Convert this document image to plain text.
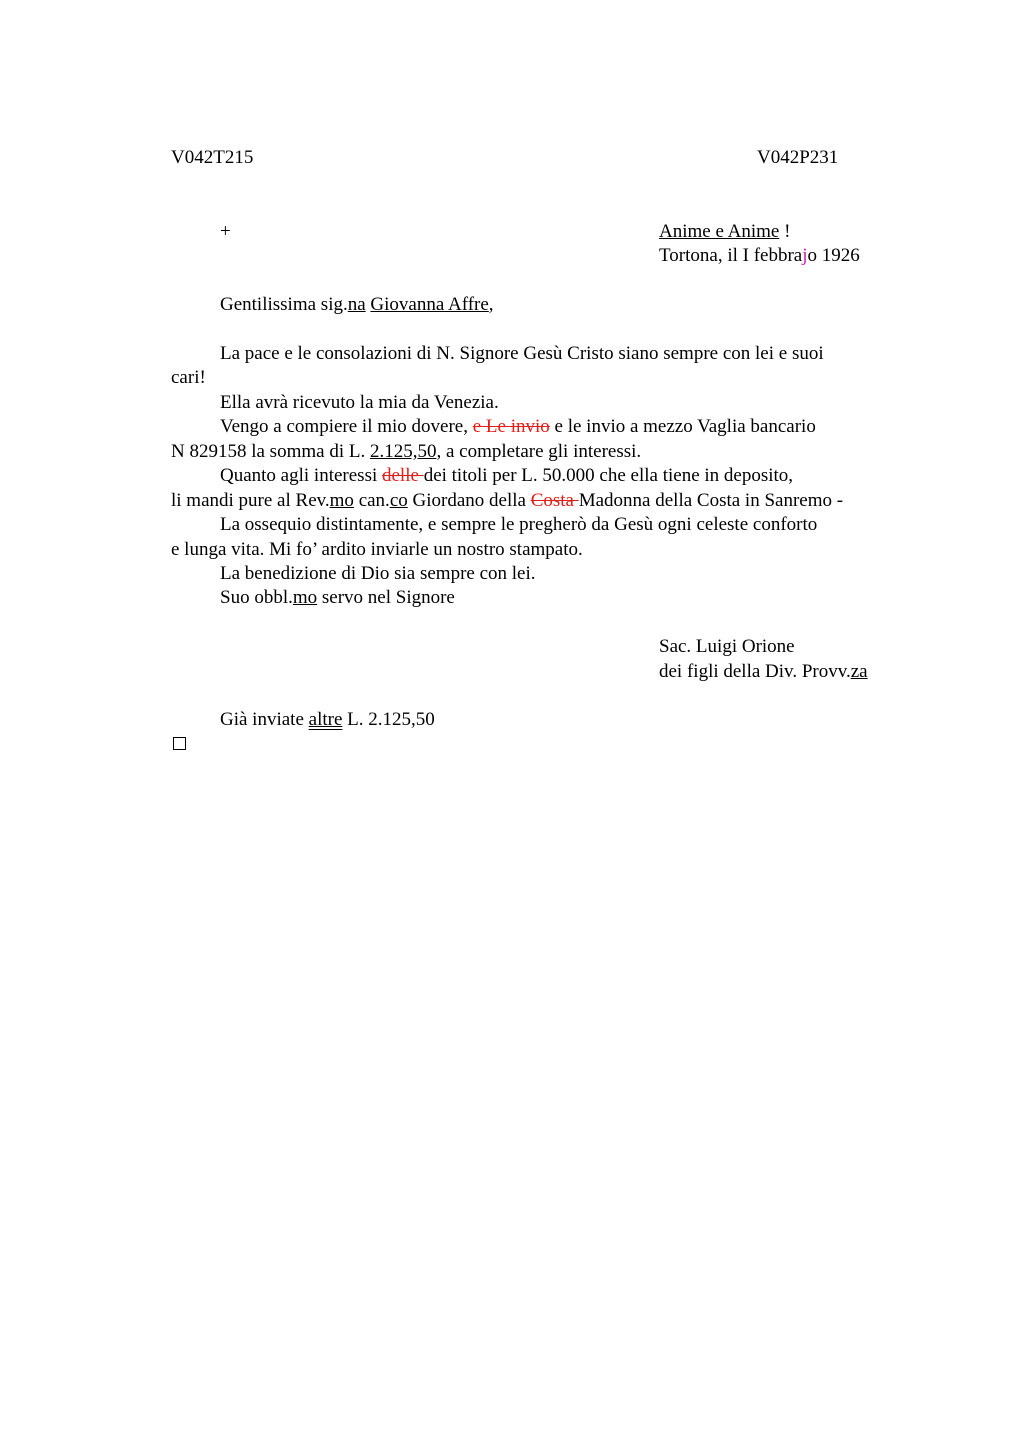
V042T215	V042P231
+	Anime e Anime !
Tortona, il I febbrajo 1926
Gentilissima sig.na Giovanna Affre,
La pace e le consolazioni di N. Signore Gesù Cristo siano sempre con lei e suoi
cari!
Ella avrà ricevuto la mia da Venezia.
Vengo a compiere il mio dovere, e Le invio e le invio a mezzo Vaglia bancario
N 829158 la somma di L. 2.125,50, a completare gli interessi.
Quanto agli interessi delle dei titoli per L. 50.000 che ella tiene in deposito,
li mandi pure al Rev.mo can.co Giordano della Costa Madonna della Costa in Sanremo -
La ossequio distintamente, e sempre le pregherò da Gesù ogni celeste conforto
e lunga vita. Mi fo’ ardito inviarle un nostro stampato.
La benedizione di Dio sia sempre con lei.
Suo obbl.mo servo nel Signore
Sac. Luigi Orione
dei figli della Div. Provv.za
Già inviate altre L. 2.125,50
